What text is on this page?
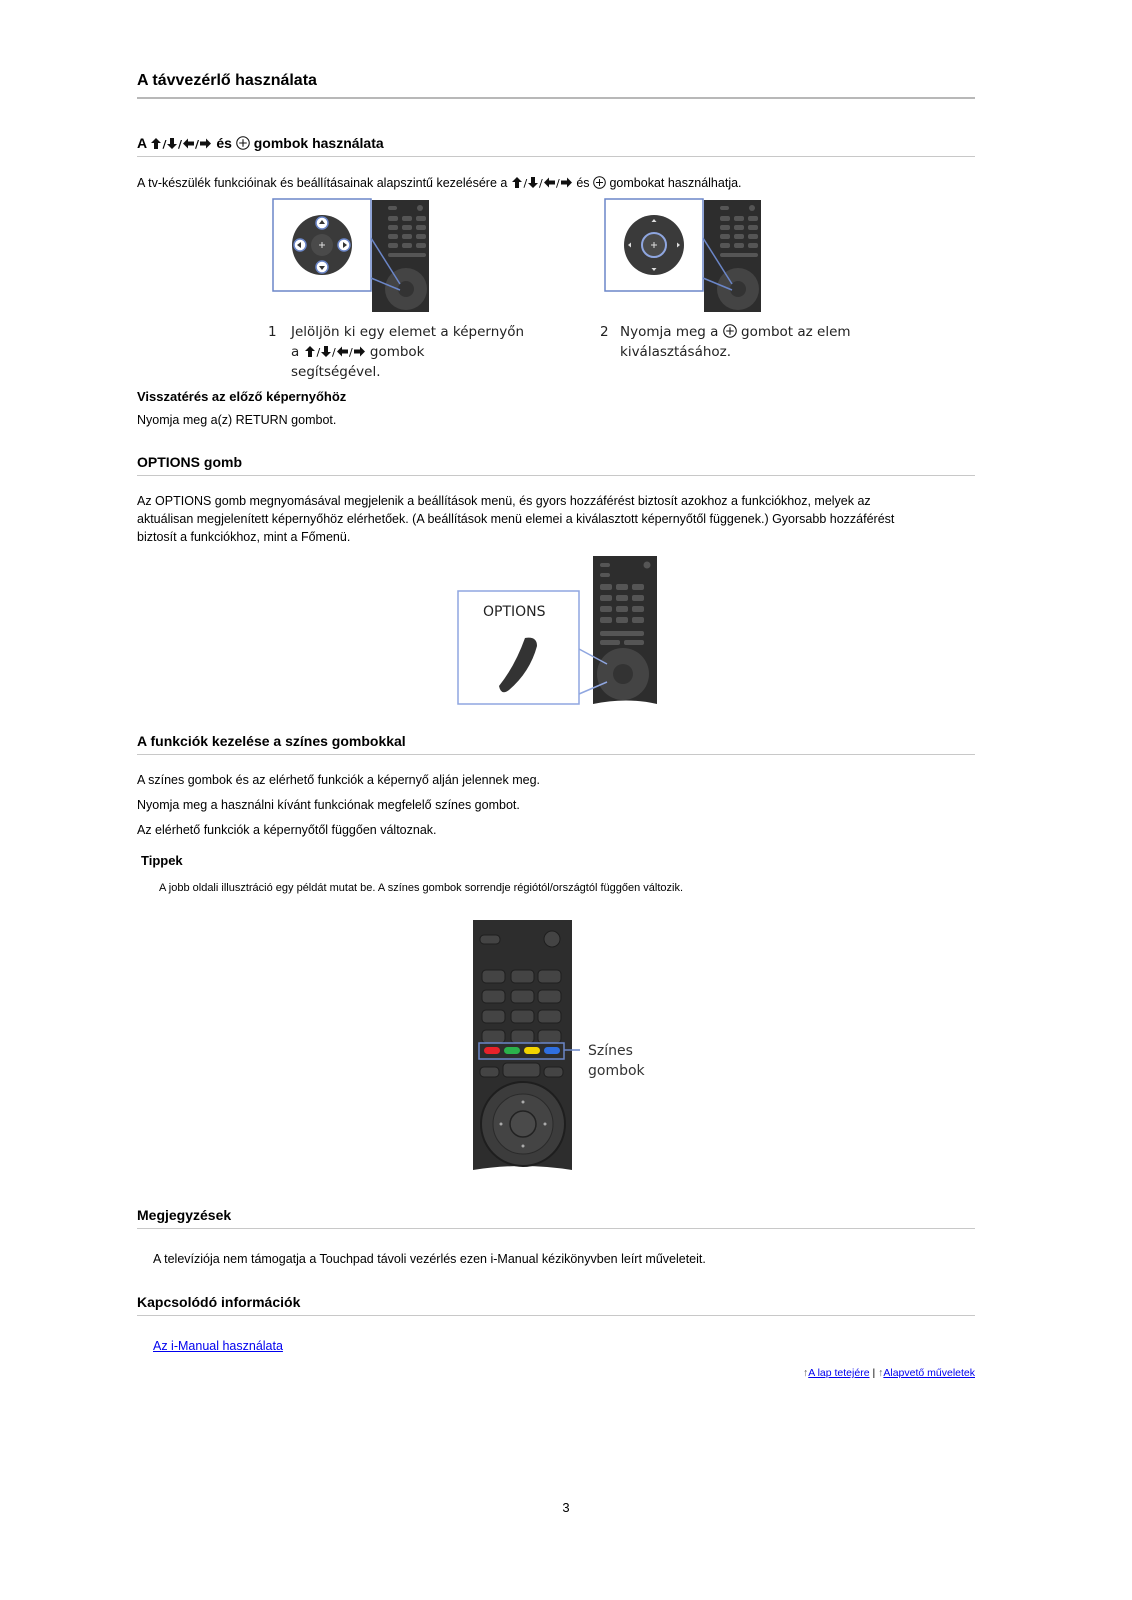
A távvezérlő használata
A	és gombok használata
A tv-készülék funkcióinak és beállításainak alapszintű kezelésére a	és gombokat használhatja.
1 Jelöljön ki egy elemet a képernyőn
a	gombok
segítségével.
2 Nyomja meg a gombot az elem
kiválasztásához.
Visszatérés az előző képernyőhöz
Nyomja meg a(z) RETURN gombot.
OPTIONS gomb
Az OPTIONS gomb megnyomásával megjelenik a beállítások menü, és gyors hozzáférést biztosít azokhoz a funkciókhoz, melyek az
aktuálisan megjelenített képernyőhöz elérhetőek. (A beállítások menü elemei a kiválasztott képernyőtől függenek.) Gyorsabb hozzáférést
biztosít a funkciókhoz, mint a Főmenü.
OPTIONS
A funkciók kezelése a színes gombokkal
A színes gombok és az elérhető funkciók a képernyő alján jelennek meg.
Nyomja meg a használni kívánt funkciónak megfelelő színes gombot.
Az elérhető funkciók a képernyőtől függően változnak.
Tippek
A jobb oldali illusztráció egy példát mutat be. A színes gombok sorrendje régiótól/országtól függően változik.
Színes
gombok
Megjegyzések
A televíziója nem támogatja a Touchpad távoli vezérlés ezen i-Manual kézikönyvben leírt műveleteit.
Kapcsolódó információk
Az i-Manual használata
↑A lap tetejére | ↑Alapvető műveletek
3
